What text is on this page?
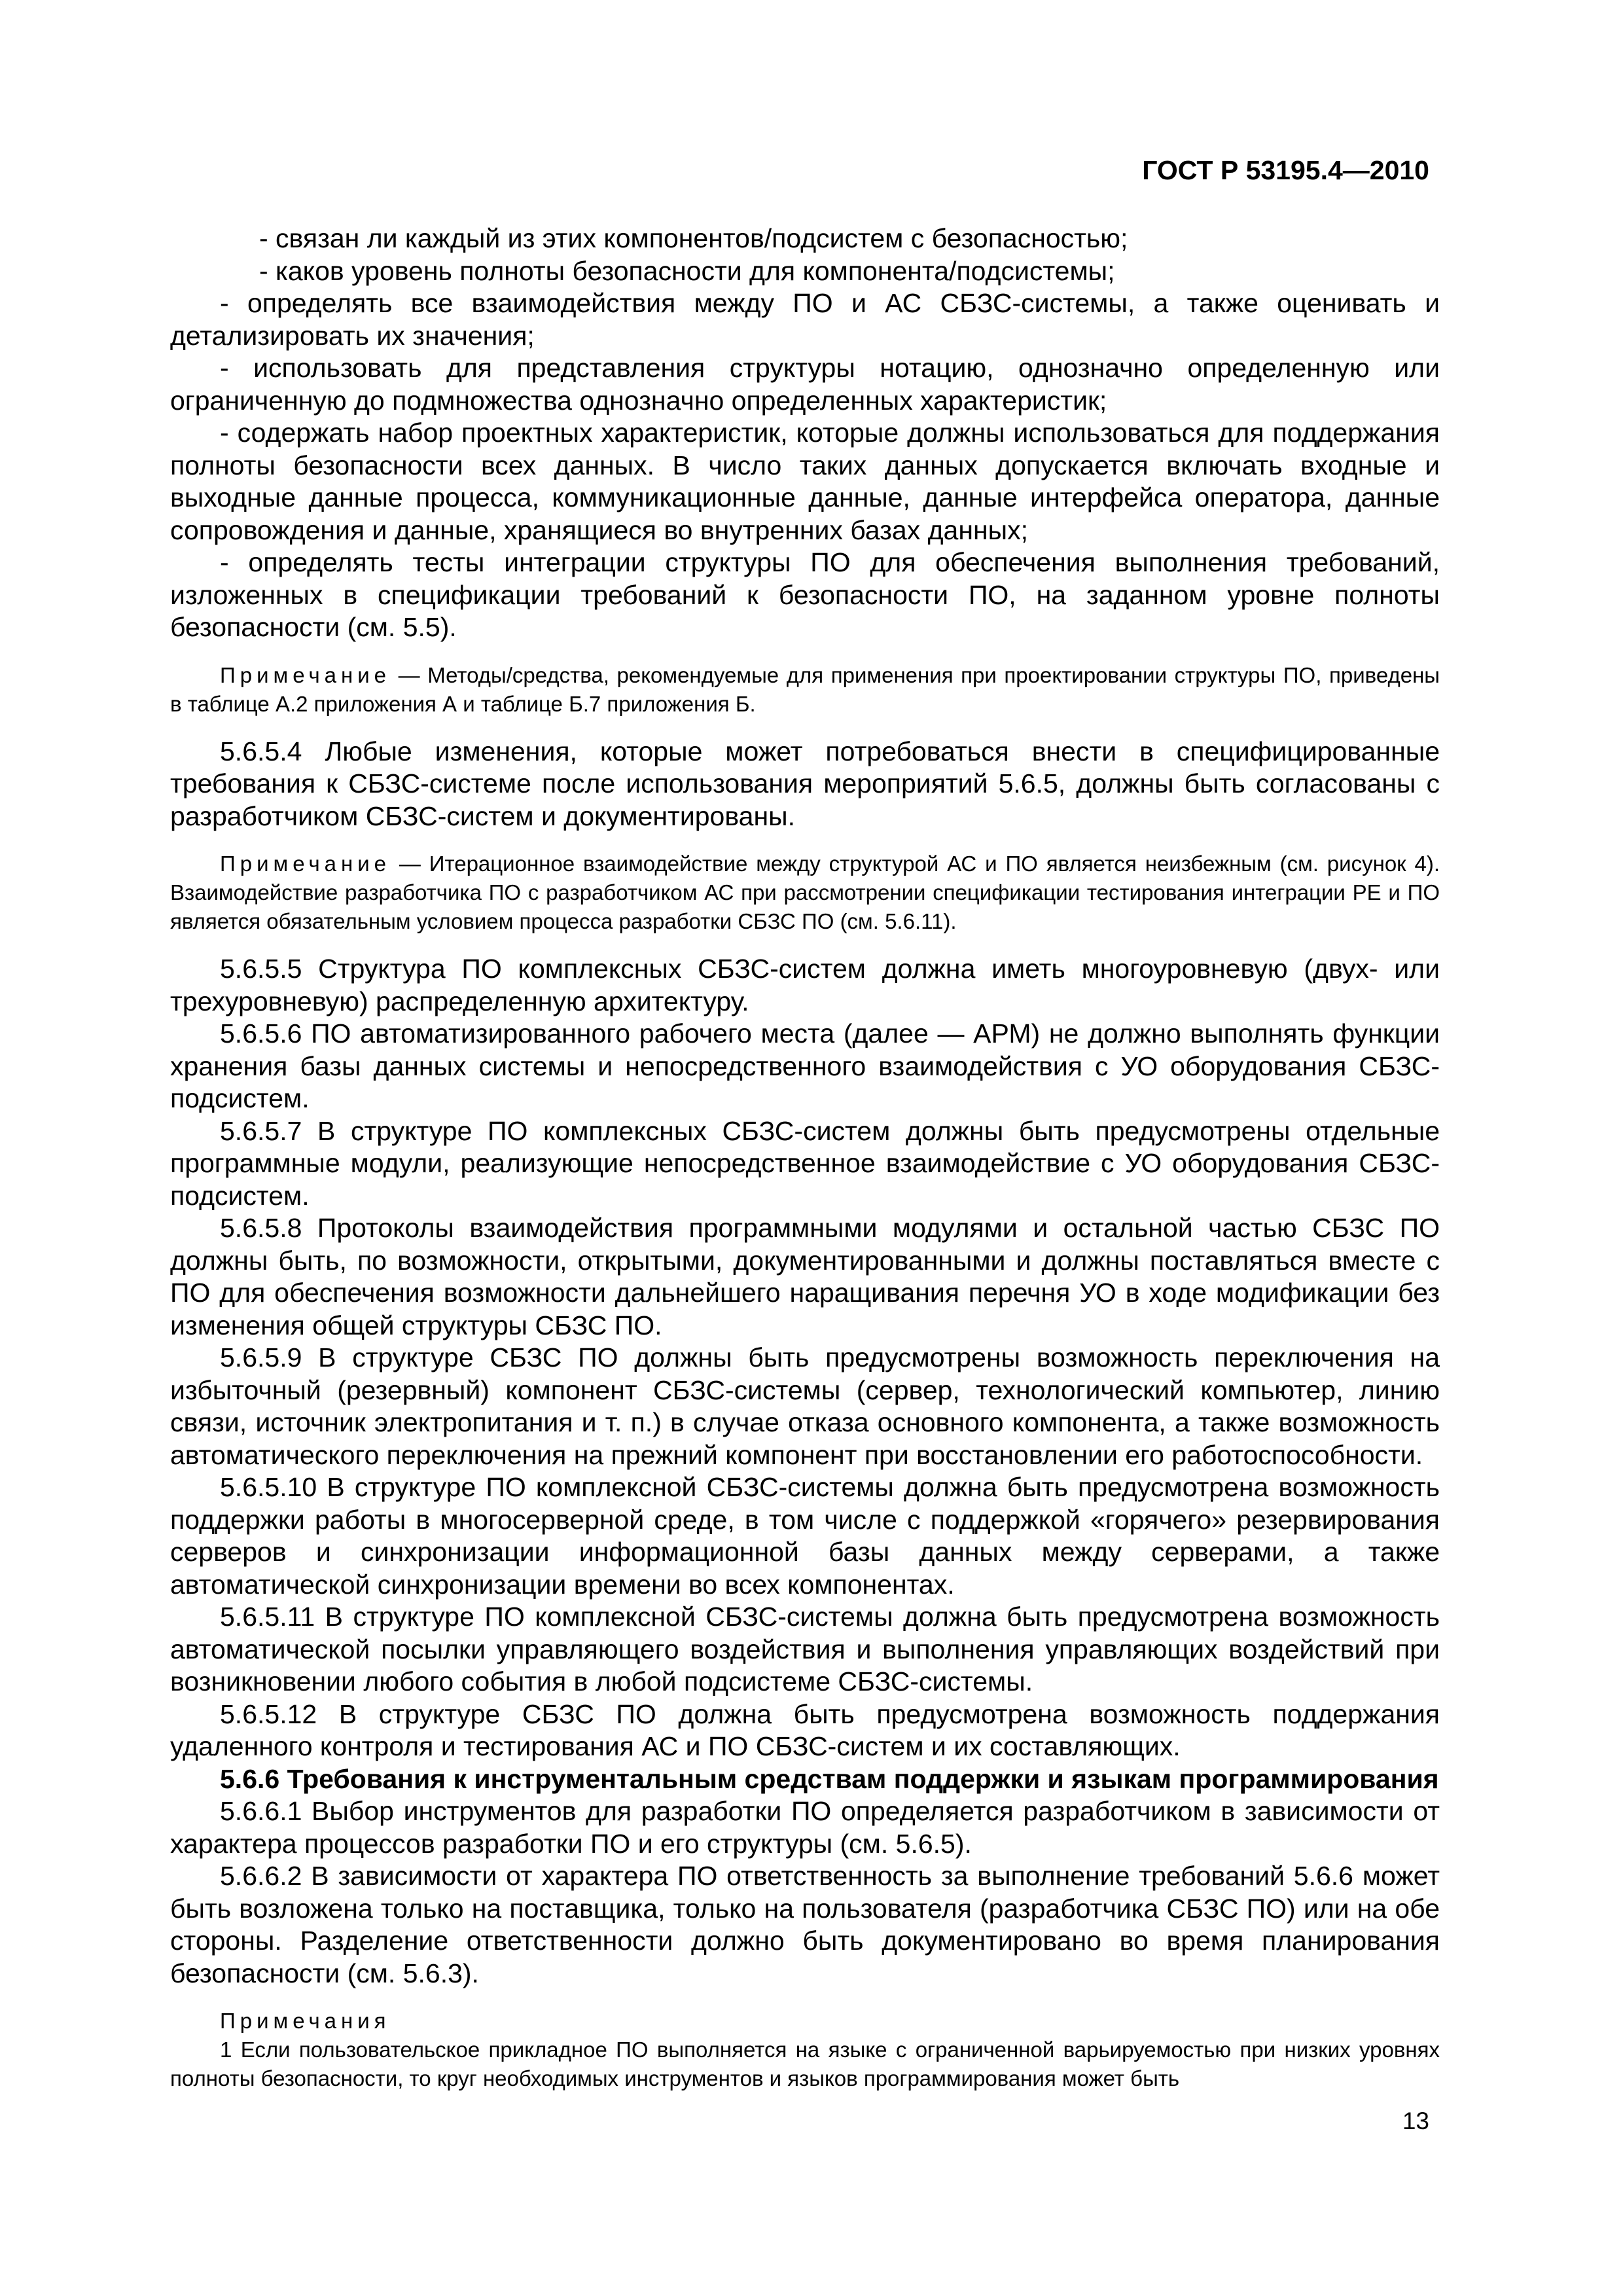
ГОСТ Р 53195.4—2010

- связан ли каждый из этих компонентов/подсистем с безопасностью;

- каков уровень полноты безопасности для компонента/подсистемы;

- определять все взаимодействия между ПО и АС СБЗС-системы, а также оценивать и детализировать их значения;

- использовать для представления структуры нотацию, однозначно определенную или ограниченную до подмножества однозначно определенных характеристик;

- содержать набор проектных характеристик, которые должны использоваться для поддержания полноты безопасности всех данных. В число таких данных допускается включать входные и выходные данные процесса, коммуникационные данные, данные интерфейса оператора, данные сопровождения и данные, хранящиеся во внутренних базах данных;

- определять тесты интеграции структуры ПО для обеспечения выполнения требований, изложенных в спецификации требований к безопасности ПО, на заданном уровне полноты безопасности (см. 5.5).

Примечание — Методы/средства, рекомендуемые для применения при проектировании структуры ПО, приведены в таблице А.2 приложения А и таблице Б.7 приложения Б.

5.6.5.4 Любые изменения, которые может потребоваться внести в специфицированные требования к СБЗС-системе после использования мероприятий 5.6.5, должны быть согласованы с разработчиком СБЗС-систем и документированы.

Примечание — Итерационное взаимодействие между структурой АС и ПО является неизбежным (см. рисунок 4). Взаимодействие разработчика ПО с разработчиком АС при рассмотрении спецификации тестирования интеграции РЕ и ПО является обязательным условием процесса разработки СБЗС ПО (см. 5.6.11).

5.6.5.5 Структура ПО комплексных СБЗС-систем должна иметь многоуровневую (двух- или трехуровневую) распределенную архитектуру.

5.6.5.6 ПО автоматизированного рабочего места (далее — АРМ) не должно выполнять функции хранения базы данных системы и непосредственного взаимодействия с УО оборудования СБЗС-подсистем.

5.6.5.7 В структуре ПО комплексных СБЗС-систем должны быть предусмотрены отдельные программные модули, реализующие непосредственное взаимодействие с УО оборудования СБЗС-подсистем.

5.6.5.8 Протоколы взаимодействия программными модулями и остальной частью СБЗС ПО должны быть, по возможности, открытыми, документированными и должны поставляться вместе с ПО для обеспечения возможности дальнейшего наращивания перечня УО в ходе модификации без изменения общей структуры СБЗС ПО.

5.6.5.9 В структуре СБЗС ПО должны быть предусмотрены возможность переключения на избыточный (резервный) компонент СБЗС-системы (сервер, технологический компьютер, линию связи, источник электропитания и т. п.) в случае отказа основного компонента, а также возможность автоматического переключения на прежний компонент при восстановлении его работоспособности.

5.6.5.10 В структуре ПО комплексной СБЗС-системы должна быть предусмотрена возможность поддержки работы в многосерверной среде, в том числе с поддержкой «горячего» резервирования серверов и синхронизации информационной базы данных между серверами, а также автоматической синхронизации времени во всех компонентах.

5.6.5.11 В структуре ПО комплексной СБЗС-системы должна быть предусмотрена возможность автоматической посылки управляющего воздействия и выполнения управляющих воздействий при возникновении любого события в любой подсистеме СБЗС-системы.

5.6.5.12 В структуре СБЗС ПО должна быть предусмотрена возможность поддержания удаленного контроля и тестирования АС и ПО СБЗС-систем и их составляющих.

5.6.6 Требования к инструментальным средствам поддержки и языкам программирования

5.6.6.1 Выбор инструментов для разработки ПО определяется разработчиком в зависимости от характера процессов разработки ПО и его структуры (см. 5.6.5).

5.6.6.2 В зависимости от характера ПО ответственность за выполнение требований 5.6.6 может быть возложена только на поставщика, только на пользователя (разработчика СБЗС ПО) или на обе стороны. Разделение ответственности должно быть документировано во время планирования безопасности (см. 5.6.3).

Примечания

1 Если пользовательское прикладное ПО выполняется на языке с ограниченной варьируемостью при низких уровнях полноты безопасности, то круг необходимых инструментов и языков программирования может быть

13
